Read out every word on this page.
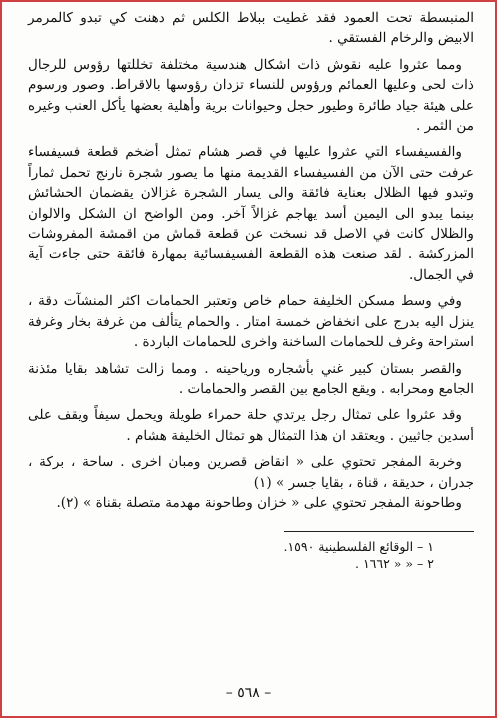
المنبسطة تحت العمود فقد غطيت ببلاط الكلس ثم دهنت كي تبدو كالمرمر الابيض والرخام الفستقي .

ومما عثروا عليه نقوش ذات اشكال هندسية مختلفة تخللتها رؤوس للرجال ذات لحى وعليها العمائم ورؤوس للنساء تزدان رؤوسها بالاقراط. وصور ورسوم على هيئة جياد طائرة وطيور حجل وحيوانات برية وأهلية بعضها يأكل العنب وغيره من الثمر .

والفسيفساء التي عثروا عليها في قصر هشام تمثل أضخم قطعة فسيفساء عرفت حتى الآن من الفسيفساء القديمة منها ما يصور شجرة نارنج تحمل ثماراً وتبدو فيها الظلال بعناية فائقة والى يسار الشجرة غزالان يقضمان الحشائش بينما يبدو الى اليمين أسد يهاجم غزالاً آخر. ومن الواضح ان الشكل والالوان والظلال كانت في الاصل قد نسخت عن قطعة قماش من اقمشة المفروشات المزركشة . لقد صنعت هذه القطعة الفسيفسائية بمهارة فائقة حتى جاءت آية في الجمال.

وفي وسط مسكن الخليفة حمام خاص وتعتبر الحمامات اكثر المنشآت دقة ، ينزل اليه بدرج على انخفاض خمسة امتار . والحمام يتألف من غرفة بخار وغرفة استراحة وغرف للحمامات الساخنة واخرى للحمامات الباردة .

والقصر بستان كبير غني بأشجاره ورياحينه . ومما زالت تشاهد بقايا مئذنة الجامع ومحرابه . ويقع الجامع بين القصر والحمامات .

وقد عثروا على تمثال رجل يرتدي حلة حمراء طويلة ويحمل سيفاً ويقف على أسدين جاثيين . ويعتقد ان هذا التمثال هو تمثال الخليفة هشام .

وخربة المفجر تحتوي على « انقاض قصرين ومبان اخرى . ساحة ، بركة ، جدران ، حديقة ، قناة ، بقايا جسر » (١)

وطاحونة المفجر تحتوي على « خزان وطاحونة مهدمة متصلة بقناة » (٢).

١ – الوقائع الفلسطينية ١٥٩٠.

٢ – « « ١٦٦٢ .

– ٥٦٨ –
